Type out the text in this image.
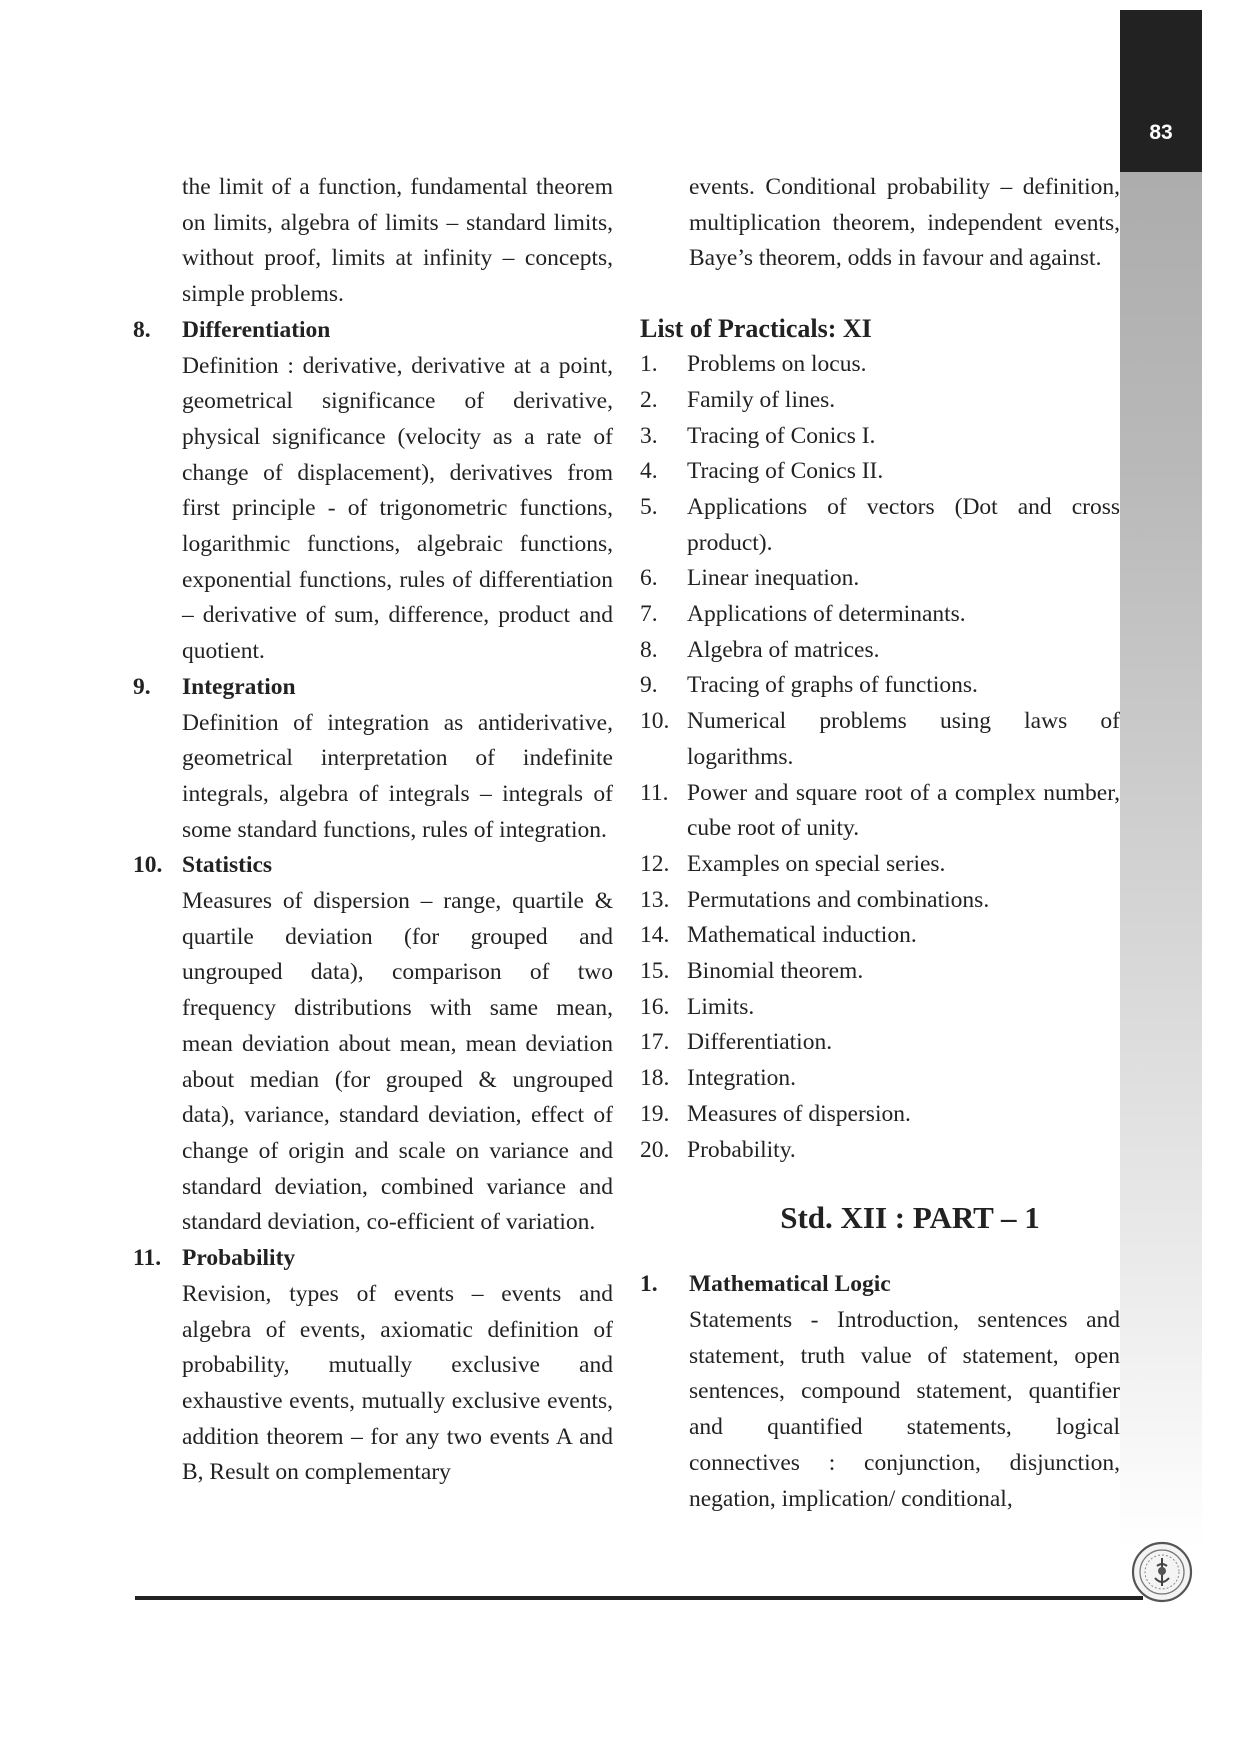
83

the limit of a function, fundamental theorem on limits, algebra of limits – standard limits, without proof, limits at infinity – concepts, simple problems.

8.	Differentiation

Definition : derivative, derivative at a point, geometrical significance of derivative, physical significance (velocity as a rate of change of displacement), derivatives from first principle - of trigonometric functions, logarithmic functions, algebraic functions, exponential functions, rules of differentiation – derivative of sum, difference, product and quotient.

9.	Integration

Definition of integration as antiderivative, geometrical interpretation of indefinite integrals, algebra of integrals – integrals of some standard functions, rules of integration.

10. Statistics

Measures of dispersion – range, quartile & quartile deviation (for grouped and ungrouped data), comparison of two frequency distributions with same mean, mean deviation about mean, mean deviation about median (for grouped & ungrouped data), variance, standard deviation, effect of change of origin and scale on variance and standard deviation, combined variance and standard deviation, co-efficient of variation.

11. Probability

Revision, types of events – events and algebra of events, axiomatic definition of probability, mutually exclusive and exhaustive events, mutually exclusive events, addition theorem – for any two events A and B, Result on complementary

events. Conditional probability – definition, multiplication theorem, independent events, Baye’s theorem, odds in favour and against.

List of Practicals: XI
1.	Problems on locus.
2.	Family of lines.
3.	Tracing of Conics I.
4.	Tracing of Conics II.
5.	Applications of vectors (Dot and cross product).
6.	Linear inequation.
7.	Applications of determinants.
8.	Algebra of matrices.
9.	Tracing of graphs of functions.
10. Numerical problems using laws of logarithms.
11. Power and square root of a complex number, cube root of unity.
12. Examples on special series.
13. Permutations and combinations.
14. Mathematical induction.
15. Binomial theorem.
16. Limits.
17. Differentiation.
18. Integration.
19. Measures of dispersion.
20. Probability.
Std. XII : PART – 1
1.	Mathematical Logic

Statements - Introduction, sentences and statement, truth value of statement, open sentences, compound statement, quantifier and quantified statements, logical connectives : conjunction, disjunction, negation, implication/ conditional,
